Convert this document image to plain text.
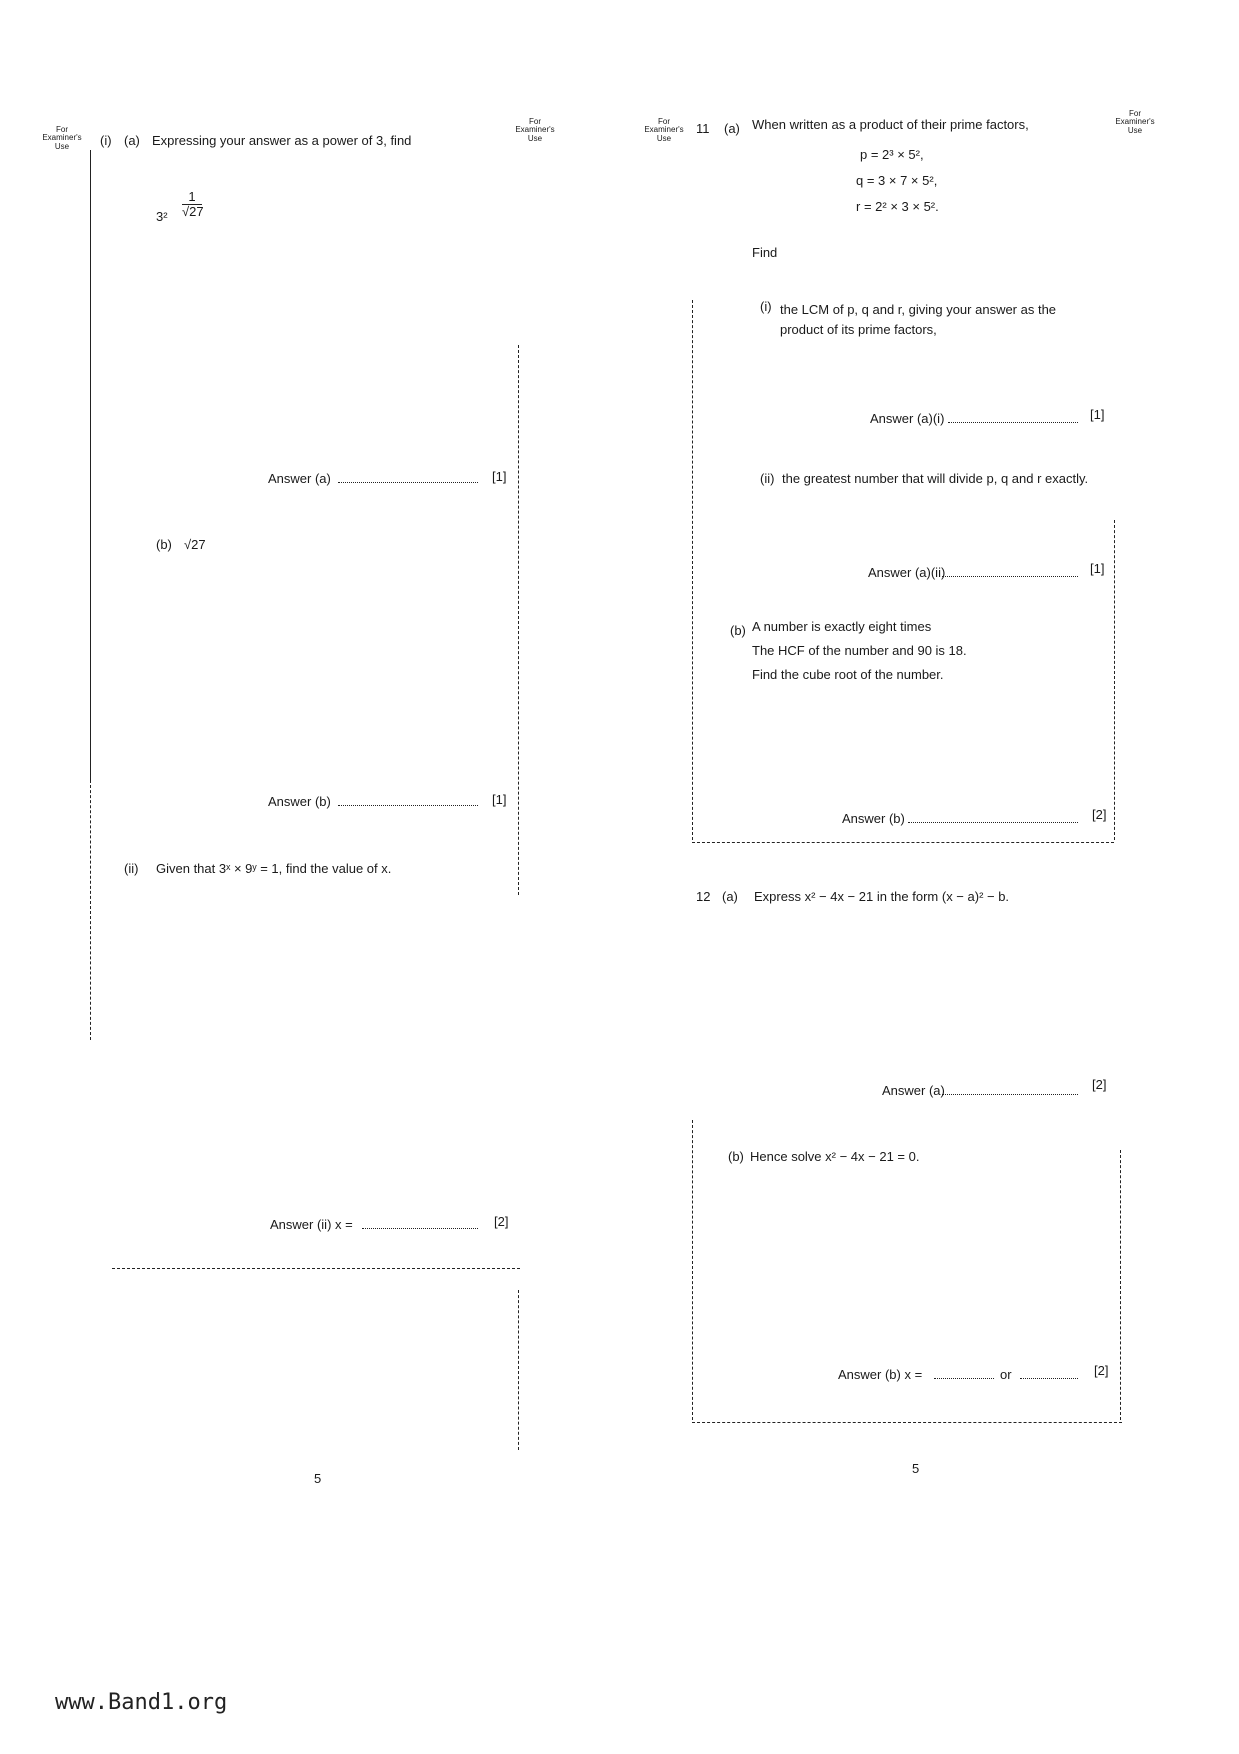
For Examiner's Use
For Examiner's Use
(i) (a) Expressing your answer as a power of 3, find
$3^2 \frac{1}{√27}$
Answer (a)	[1]
(b) √27
Answer (b)	[1]
(ii) Given that 3ˣ × 9ʸ = 1, find the value of x.
Answer (ii) x =	[2]
5
For Examiner's Use
For Examiner's Use
11 (a) When written as a product of their prime factors,
p = 2³ × 5²,
q = 3 × 7 × 5²,
r = 2² × 3 × 5².
Find
(i) the LCM of p, q and r, giving your answer as the product of its prime factors,
Answer (a)(i)	[1]
(ii) the greatest number that will divide p, q and r exactly.
Answer (a)(ii)	[1]
(b) A number is exactly eight times
The HCF of the number and 90 is 18.
Find the cube root of the number.
Answer (b)	[2]
12 (a) Express x² − 4x − 21 in the form (x − a)² − b.
Answer (a)	[2]
(b) Hence solve x² − 4x − 21 = 0.
Answer (b) x =	or	[2]
5
www.Band1.org
